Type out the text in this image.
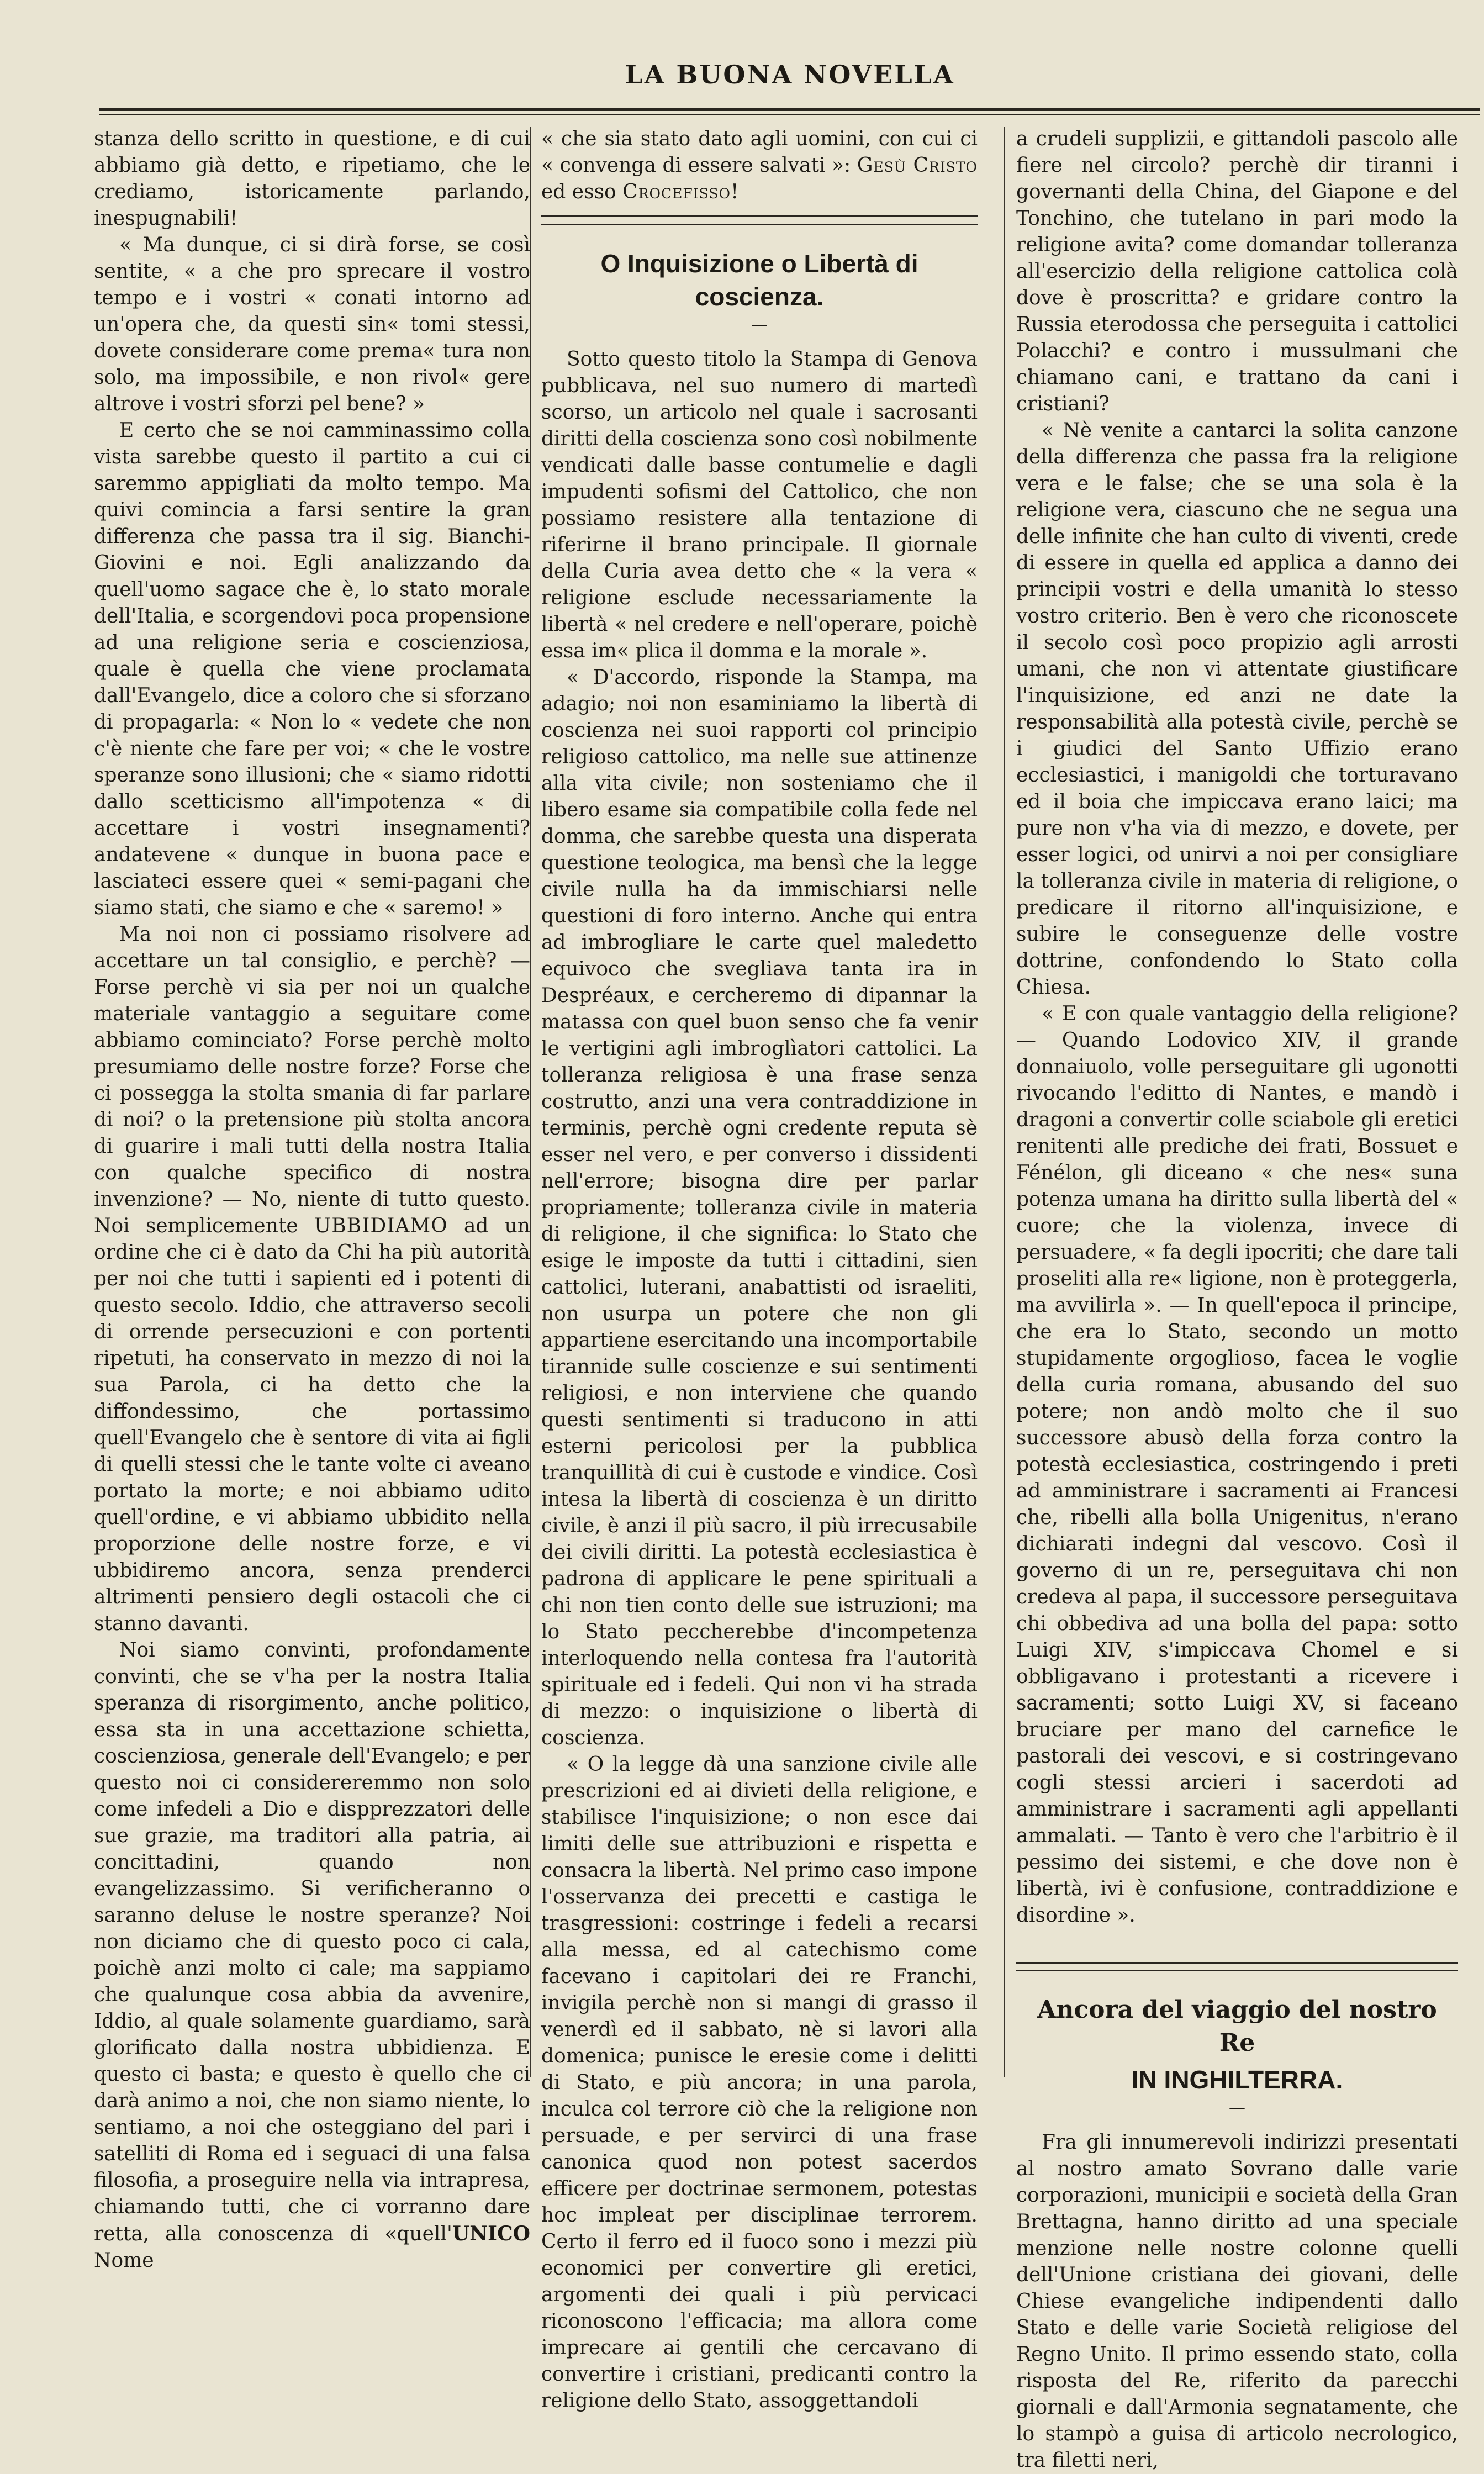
LA BUONA NOVELLA

stanza dello scritto in questione, e di cui abbiamo già detto, e ripetiamo, che le crediamo, istoricamente parlando, inespugnabili!

« Ma dunque, ci si dirà forse, se così sentite, « a che pro sprecare il vostro tempo e i vostri « conati intorno ad un'opera che, da questi sin« tomi stessi, dovete considerare come prema« tura non solo, ma impossibile, e non rivol« gere altrove i vostri sforzi pel bene? »

E certo che se noi camminassimo colla vista sarebbe questo il partito a cui ci saremmo appigliati da molto tempo. Ma quivi comincia a farsi sentire la gran differenza che passa tra il sig. Bianchi-Giovini e noi. Egli analizzando da quell'uomo sagace che è, lo stato morale dell'Italia, e scorgendovi poca propensione ad una religione seria e coscienziosa, quale è quella che viene proclamata dall'Evangelo, dice a coloro che si sforzano di propagarla: « Non lo « vedete che non c'è niente che fare per voi; « che le vostre speranze sono illusioni; che « siamo ridotti dallo scetticismo all'impotenza « di accettare i vostri insegnamenti? andatevene « dunque in buona pace e lasciateci essere quei « semi-pagani che siamo stati, che siamo e che « saremo! »

Ma noi non ci possiamo risolvere ad accettare un tal consiglio, e perchè? — Forse perchè vi sia per noi un qualche materiale vantaggio a seguitare come abbiamo cominciato? Forse perchè molto presumiamo delle nostre forze? Forse che ci possegga la stolta smania di far parlare di noi? o la pretensione più stolta ancora di guarire i mali tutti della nostra Italia con qualche specifico di nostra invenzione? — No, niente di tutto questo. Noi semplicemente UBBIDIAMO ad un ordine che ci è dato da Chi ha più autorità per noi che tutti i sapienti ed i potenti di questo secolo. Iddio, che attraverso secoli di orrende persecuzioni e con portenti ripetuti, ha conservato in mezzo di noi la sua Parola, ci ha detto che la diffondessimo, che portassimo quell'Evangelo che è sentore di vita ai figli di quelli stessi che le tante volte ci aveano portato la morte; e noi abbiamo udito quell'ordine, e vi abbiamo ubbidito nella proporzione delle nostre forze, e vi ubbidiremo ancora, senza prenderci altrimenti pensiero degli ostacoli che ci stanno davanti.

Noi siamo convinti, profondamente convinti, che se v'ha per la nostra Italia speranza di risorgimento, anche politico, essa sta in una accettazione schietta, coscienziosa, generale dell'Evangelo; e per questo noi ci considereremmo non solo come infedeli a Dio e dispprezzatori delle sue grazie, ma traditori alla patria, ai concittadini, quando non evangelizzassimo. Si verificheranno o saranno deluse le nostre speranze? Noi non diciamo che di questo poco ci cala, poichè anzi molto ci cale; ma sappiamo che qualunque cosa abbia da avvenire, Iddio, al quale solamente guardiamo, sarà glorificato dalla nostra ubbidienza. E questo ci basta; e questo è quello che ci darà animo a noi, che non siamo niente, lo sentiamo, a noi che osteggiano del pari i satelliti di Roma ed i seguaci di una falsa filosofia, a proseguire nella via intrapresa, chiamando tutti, che ci vorranno dare retta, alla conoscenza di «quell'UNICO Nome

« che sia stato dato agli uomini, con cui ci « convenga di essere salvati »: Gesù Cristo ed esso Crocefisso!

O Inquisizione o Libertà di coscienza.
—

Sotto questo titolo la Stampa di Genova pubblicava, nel suo numero di martedì scorso, un articolo nel quale i sacrosanti diritti della coscienza sono così nobilmente vendicati dalle basse contumelie e dagli impudenti sofismi del Cattolico, che non possiamo resistere alla tentazione di riferirne il brano principale. Il giornale della Curia avea detto che « la vera « religione esclude necessariamente la libertà « nel credere e nell'operare, poichè essa im« plica il domma e la morale ».

« D'accordo, risponde la Stampa, ma adagio; noi non esaminiamo la libertà di coscienza nei suoi rapporti col principio religioso cattolico, ma nelle sue attinenze alla vita civile; non sosteniamo che il libero esame sia compatibile colla fede nel domma, che sarebbe questa una disperata questione teologica, ma bensì che la legge civile nulla ha da immischiarsi nelle questioni di foro interno. Anche qui entra ad imbrogliare le carte quel maledetto equivoco che svegliava tanta ira in Despréaux, e cercheremo di dipannar la matassa con quel buon senso che fa venir le vertigini agli imbroglìatori cattolici. La tolleranza religiosa è una frase senza costrutto, anzi una vera contraddizione in terminis, perchè ogni credente reputa sè esser nel vero, e per converso i dissidenti nell'errore; bisogna dire per parlar propriamente; tolleranza civile in materia di religione, il che significa: lo Stato che esige le imposte da tutti i cittadini, sien cattolici, luterani, anabattisti od israeliti, non usurpa un potere che non gli appartiene esercitando una incomportabile tirannide sulle coscienze e sui sentimenti religiosi, e non interviene che quando questi sentimenti si traducono in atti esterni pericolosi per la pubblica tranquillità di cui è custode e vindice. Così intesa la libertà di coscienza è un diritto civile, è anzi il più sacro, il più irrecusabile dei civili diritti. La potestà ecclesiastica è padrona di applicare le pene spirituali a chi non tien conto delle sue istruzioni; ma lo Stato peccherebbe d'incompetenza interloquendo nella contesa fra l'autorità spirituale ed i fedeli. Qui non vi ha strada di mezzo: o inquisizione o libertà di coscienza.

« O la legge dà una sanzione civile alle prescrizioni ed ai divieti della religione, e stabilisce l'inquisizione; o non esce dai limiti delle sue attribuzioni e rispetta e consacra la libertà. Nel primo caso impone l'osservanza dei precetti e castiga le trasgressioni: costringe i fedeli a recarsi alla messa, ed al catechismo come facevano i capitolari dei re Franchi, invigila perchè non si mangi di grasso il venerdì ed il sabbato, nè si lavori alla domenica; punisce le eresie come i delitti di Stato, e più ancora; in una parola, inculca col terrore ciò che la religione non persuade, e per servirci di una frase canonica quod non potest sacerdos efficere per doctrinae sermonem, potestas hoc impleat per disciplinae terrorem. Certo il ferro ed il fuoco sono i mezzi più economici per convertire gli eretici, argomenti dei quali i più pervicaci riconoscono l'efficacia; ma allora come imprecare ai gentili che cercavano di convertire i cristiani, predicanti contro la religione dello Stato, assoggettandoli

a crudeli supplizii, e gittandoli pascolo alle fiere nel circolo? perchè dir tiranni i governanti della China, del Giapone e del Tonchino, che tutelano in pari modo la religione avita? come domandar tolleranza all'esercizio della religione cattolica colà dove è proscritta? e gridare contro la Russia eterodossa che perseguita i cattolici Polacchi? e contro i mussulmani che chiamano cani, e trattano da cani i cristiani?

« Nè venite a cantarci la solita canzone della differenza che passa fra la religione vera e le false; che se una sola è la religione vera, ciascuno che ne segua una delle infinite che han culto di viventi, crede di essere in quella ed applica a danno dei principii vostri e della umanità lo stesso vostro criterio. Ben è vero che riconoscete il secolo così poco propizio agli arrosti umani, che non vi attentate giustificare l'inquisizione, ed anzi ne date la responsabilità alla potestà civile, perchè se i giudici del Santo Uffizio erano ecclesiastici, i manigoldi che torturavano ed il boia che impiccava erano laici; ma pure non v'ha via di mezzo, e dovete, per esser logici, od unirvi a noi per consigliare la tolleranza civile in materia di religione, o predicare il ritorno all'inquisizione, e subire le conseguenze delle vostre dottrine, confondendo lo Stato colla Chiesa.

« E con quale vantaggio della religione? — Quando Lodovico XIV, il grande donnaiuolo, volle perseguitare gli ugonotti rivocando l'editto di Nantes, e mandò i dragoni a convertir colle sciabole gli eretici renitenti alle prediche dei frati, Bossuet e Fénélon, gli diceano « che nes« suna potenza umana ha diritto sulla libertà del « cuore; che la violenza, invece di persuadere, « fa degli ipocriti; che dare tali proseliti alla re« ligione, non è proteggerla, ma avvilirla ». — In quell'epoca il principe, che era lo Stato, secondo un motto stupidamente orgoglioso, facea le voglie della curia romana, abusando del suo potere; non andò molto che il suo successore abusò della forza contro la potestà ecclesiastica, costringendo i preti ad amministrare i sacramenti ai Francesi che, ribelli alla bolla Unigenitus, n'erano dichiarati indegni dal vescovo. Così il governo di un re, perseguitava chi non credeva al papa, il successore perseguitava chi obbediva ad una bolla del papa: sotto Luigi XIV, s'impiccava Chomel e si obbligavano i protestanti a ricevere i sacramenti; sotto Luigi XV, si faceano bruciare per mano del carnefice le pastorali dei vescovi, e si costringevano cogli stessi arcieri i sacerdoti ad amministrare i sacramenti agli appellanti ammalati. — Tanto è vero che l'arbitrio è il pessimo dei sistemi, e che dove non è libertà, ivi è confusione, contraddizione e disordine ».

Ancora del viaggio del nostro Re
IN INGHILTERRA.
—

Fra gli innumerevoli indirizzi presentati al nostro amato Sovrano dalle varie corporazioni, municipii e società della Gran Brettagna, hanno diritto ad una speciale menzione nelle nostre colonne quelli dell'Unione cristiana dei giovani, delle Chiese evangeliche indipendenti dallo Stato e delle varie Società religiose del Regno Unito. Il primo essendo stato, colla risposta del Re, riferito da parecchi giornali e dall'Armonia segnatamente, che lo stampò a guisa di articolo necrologico, tra filetti neri,
